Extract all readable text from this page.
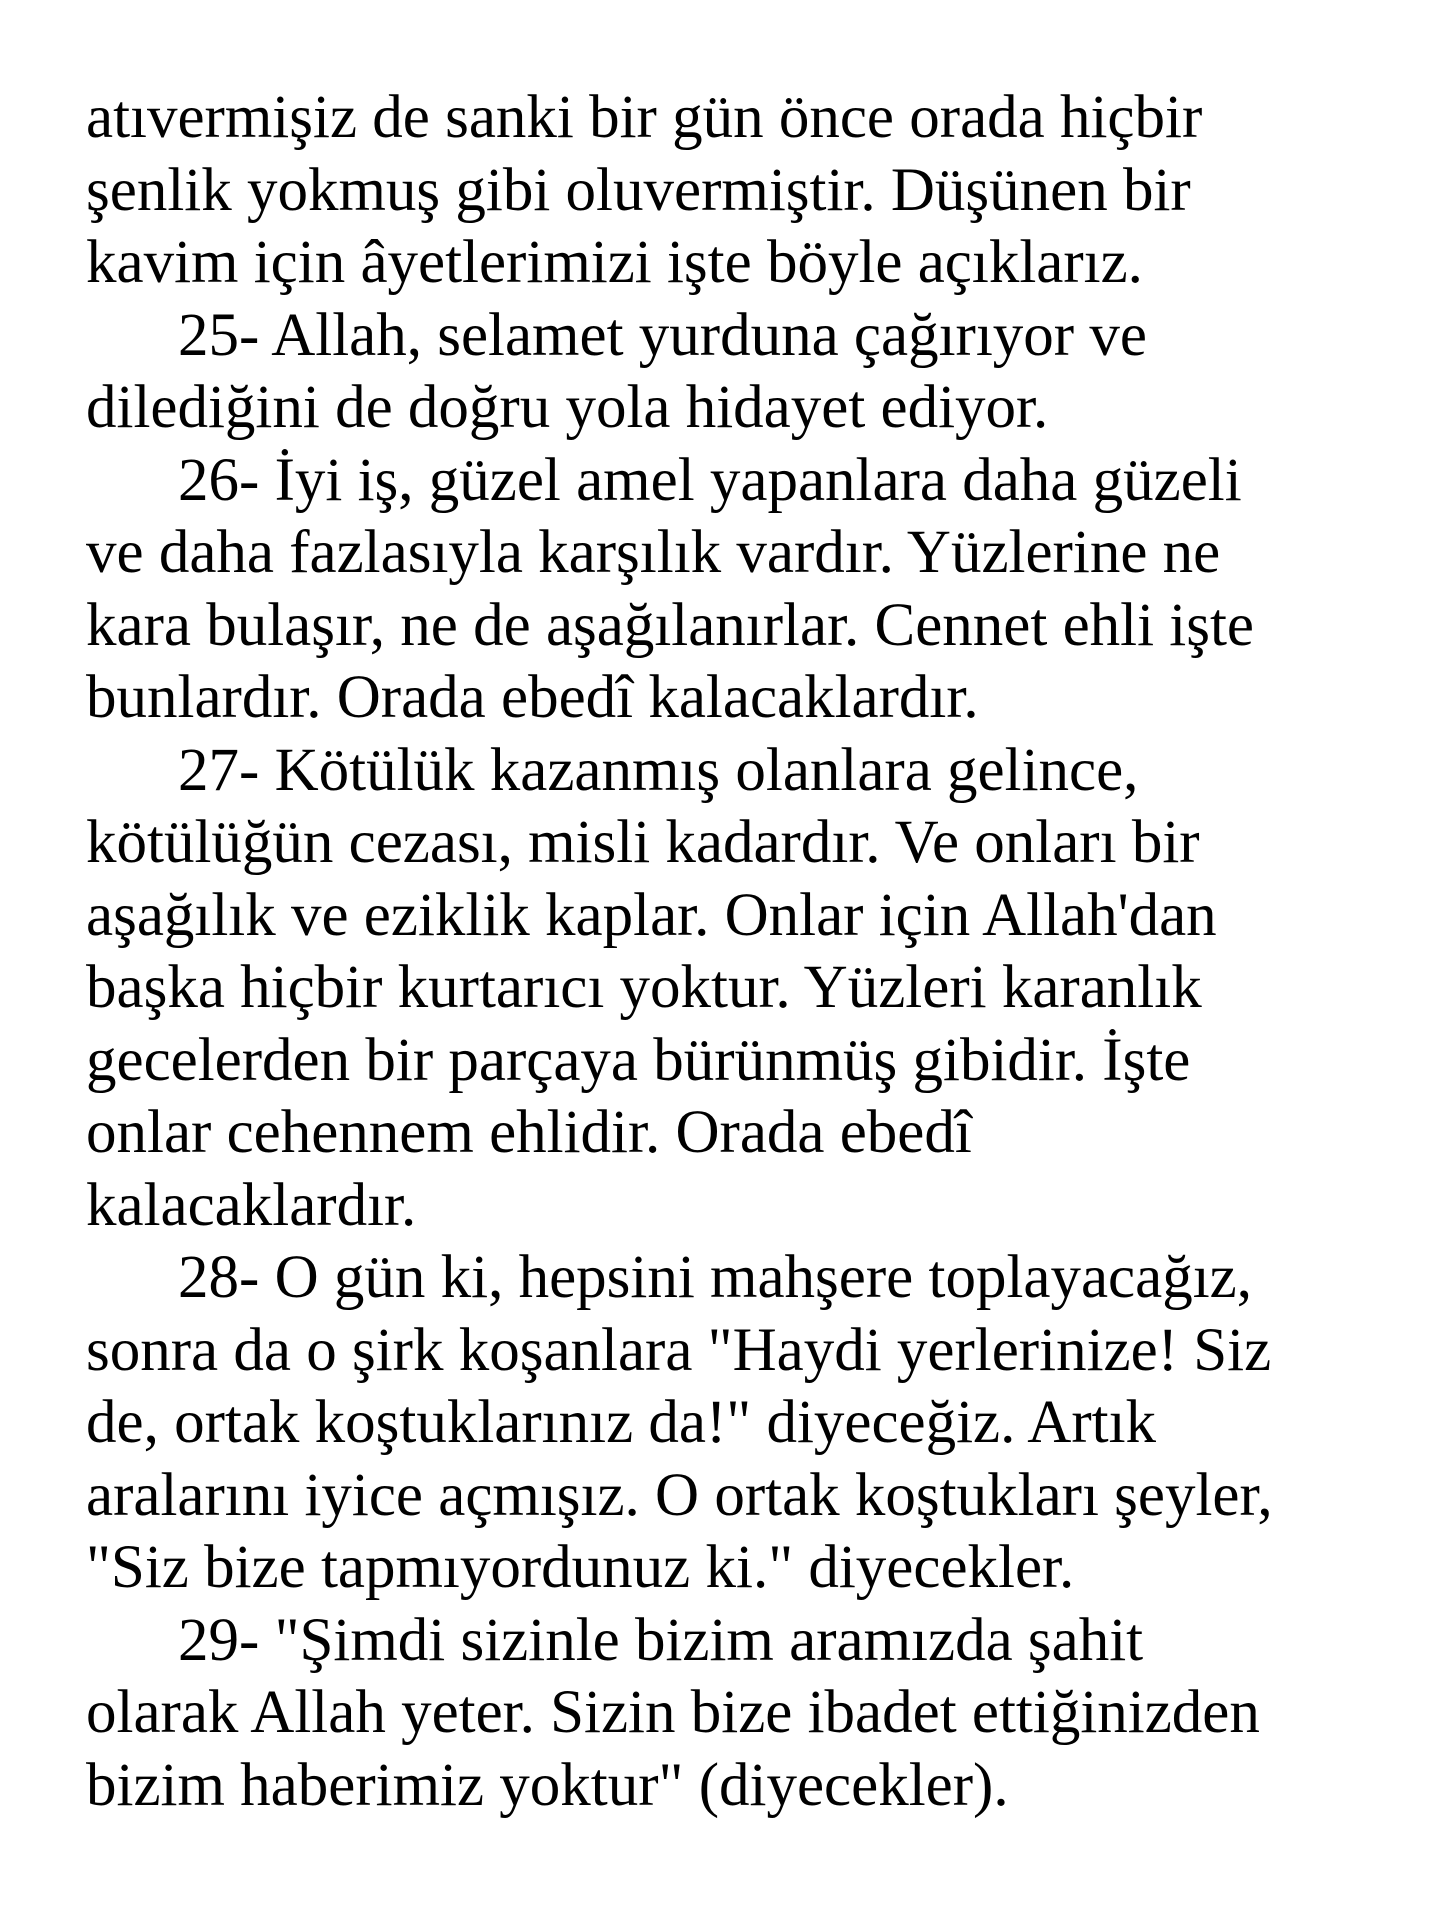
atıvermişiz de sanki bir gün önce orada hiçbir
şenlik yokmuş gibi oluvermiştir. Düşünen bir
kavim için âyetlerimizi işte böyle açıklarız.

25- Allah, selamet yurduna çağırıyor ve
dilediğini de doğru yola hidayet ediyor.

26- İyi iş, güzel amel yapanlara daha güzeli
ve daha fazlasıyla karşılık vardır. Yüzlerine ne
kara bulaşır, ne de aşağılanırlar. Cennet ehli işte
bunlardır. Orada ebedî kalacaklardır.

27- Kötülük kazanmış olanlara gelince,
kötülüğün cezası, misli kadardır. Ve onları bir
aşağılık ve eziklik kaplar. Onlar için Allah'dan
başka hiçbir kurtarıcı yoktur. Yüzleri karanlık
gecelerden bir parçaya bürünmüş gibidir. İşte
onlar cehennem ehlidir. Orada ebedî
kalacaklardır.

28- O gün ki, hepsini mahşere toplayacağız,
sonra da o şirk koşanlara "Haydi yerlerinize! Siz
de, ortak koştuklarınız da!" diyeceğiz. Artık
aralarını iyice açmışız. O ortak koştukları şeyler,
"Siz bize tapmıyordunuz ki." diyecekler.

29- "Şimdi sizinle bizim aramızda şahit
olarak Allah yeter. Sizin bize ibadet ettiğinizden
bizim haberimiz yoktur" (diyecekler).
